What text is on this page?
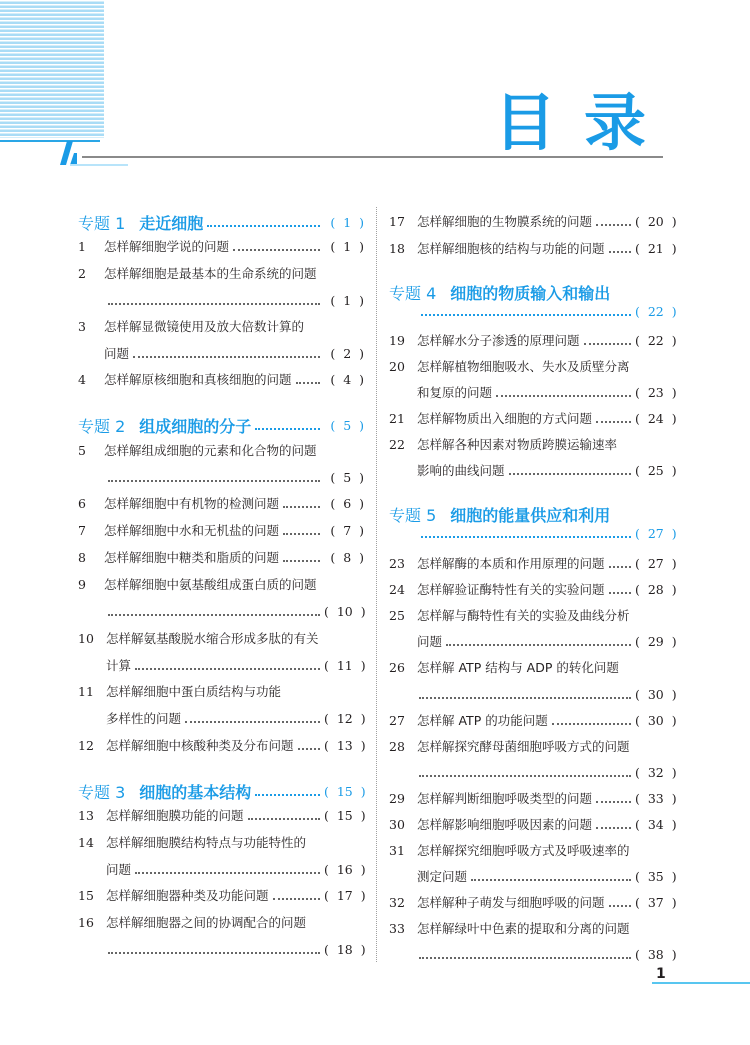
目录
专题 1 走近细胞	( 1 )
1	怎样解细胞学说的问题	( 1 )
2	怎样解细胞是最基本的生命系统的问题
( 1 )
3	怎样解显微镜使用及放大倍数计算的
问题	( 2 )
4	怎样解原核细胞和真核细胞的问题	( 4 )
专题 2 组成细胞的分子	( 5 )
5	怎样解组成细胞的元素和化合物的问题
( 5 )
6	怎样解细胞中有机物的检测问题	( 6 )
7	怎样解细胞中水和无机盐的问题	( 7 )
8	怎样解细胞中糖类和脂质的问题	( 8 )
9	怎样解细胞中氨基酸组成蛋白质的问题
( 10 )
10 怎样解氨基酸脱水缩合形成多肽的有关
计算	( 11 )
11 怎样解细胞中蛋白质结构与功能
多样性的问题	( 12 )
12 怎样解细胞中核酸种类及分布问题 ( 13 )
专题 3 细胞的基本结构	( 15 )
13 怎样解细胞膜功能的问题	( 15 )
14 怎样解细胞膜结构特点与功能特性的
问题	( 16 )
15 怎样解细胞器种类及功能问题	( 17 )
16 怎样解细胞器之间的协调配合的问题
( 18 )
17 怎样解细胞的生物膜系统的问题	( 20 )
18 怎样解细胞核的结构与功能的问题 ( 21 )
专题 4 细胞的物质输入和输出
( 22 )
19 怎样解水分子渗透的原理问题	( 22 )
20 怎样解植物细胞吸水、失水及质壁分离
和复原的问题	( 23 )
21 怎样解物质出入细胞的方式问题	( 24 )
22 怎样解各种因素对物质跨膜运输速率
影响的曲线问题	( 25 )
专题 5 细胞的能量供应和利用
( 27 )
23 怎样解酶的本质和作用原理的问题 ( 27 )
24 怎样解验证酶特性有关的实验问题 ( 28 )
25 怎样解与酶特性有关的实验及曲线分析
问题	( 29 )
26 怎样解 ATP 结构与 ADP 的转化问题
( 30 )
27 怎样解 ATP 的功能问题	( 30 )
28 怎样解探究酵母菌细胞呼吸方式的问题
( 32 )
29 怎样解判断细胞呼吸类型的问题	( 33 )
30 怎样解影响细胞呼吸因素的问题	( 34 )
31 怎样解探究细胞呼吸方式及呼吸速率的
测定问题	( 35 )
32 怎样解种子萌发与细胞呼吸的问题 ( 37 )
33 怎样解绿叶中色素的提取和分离的问题
( 38 )
1
